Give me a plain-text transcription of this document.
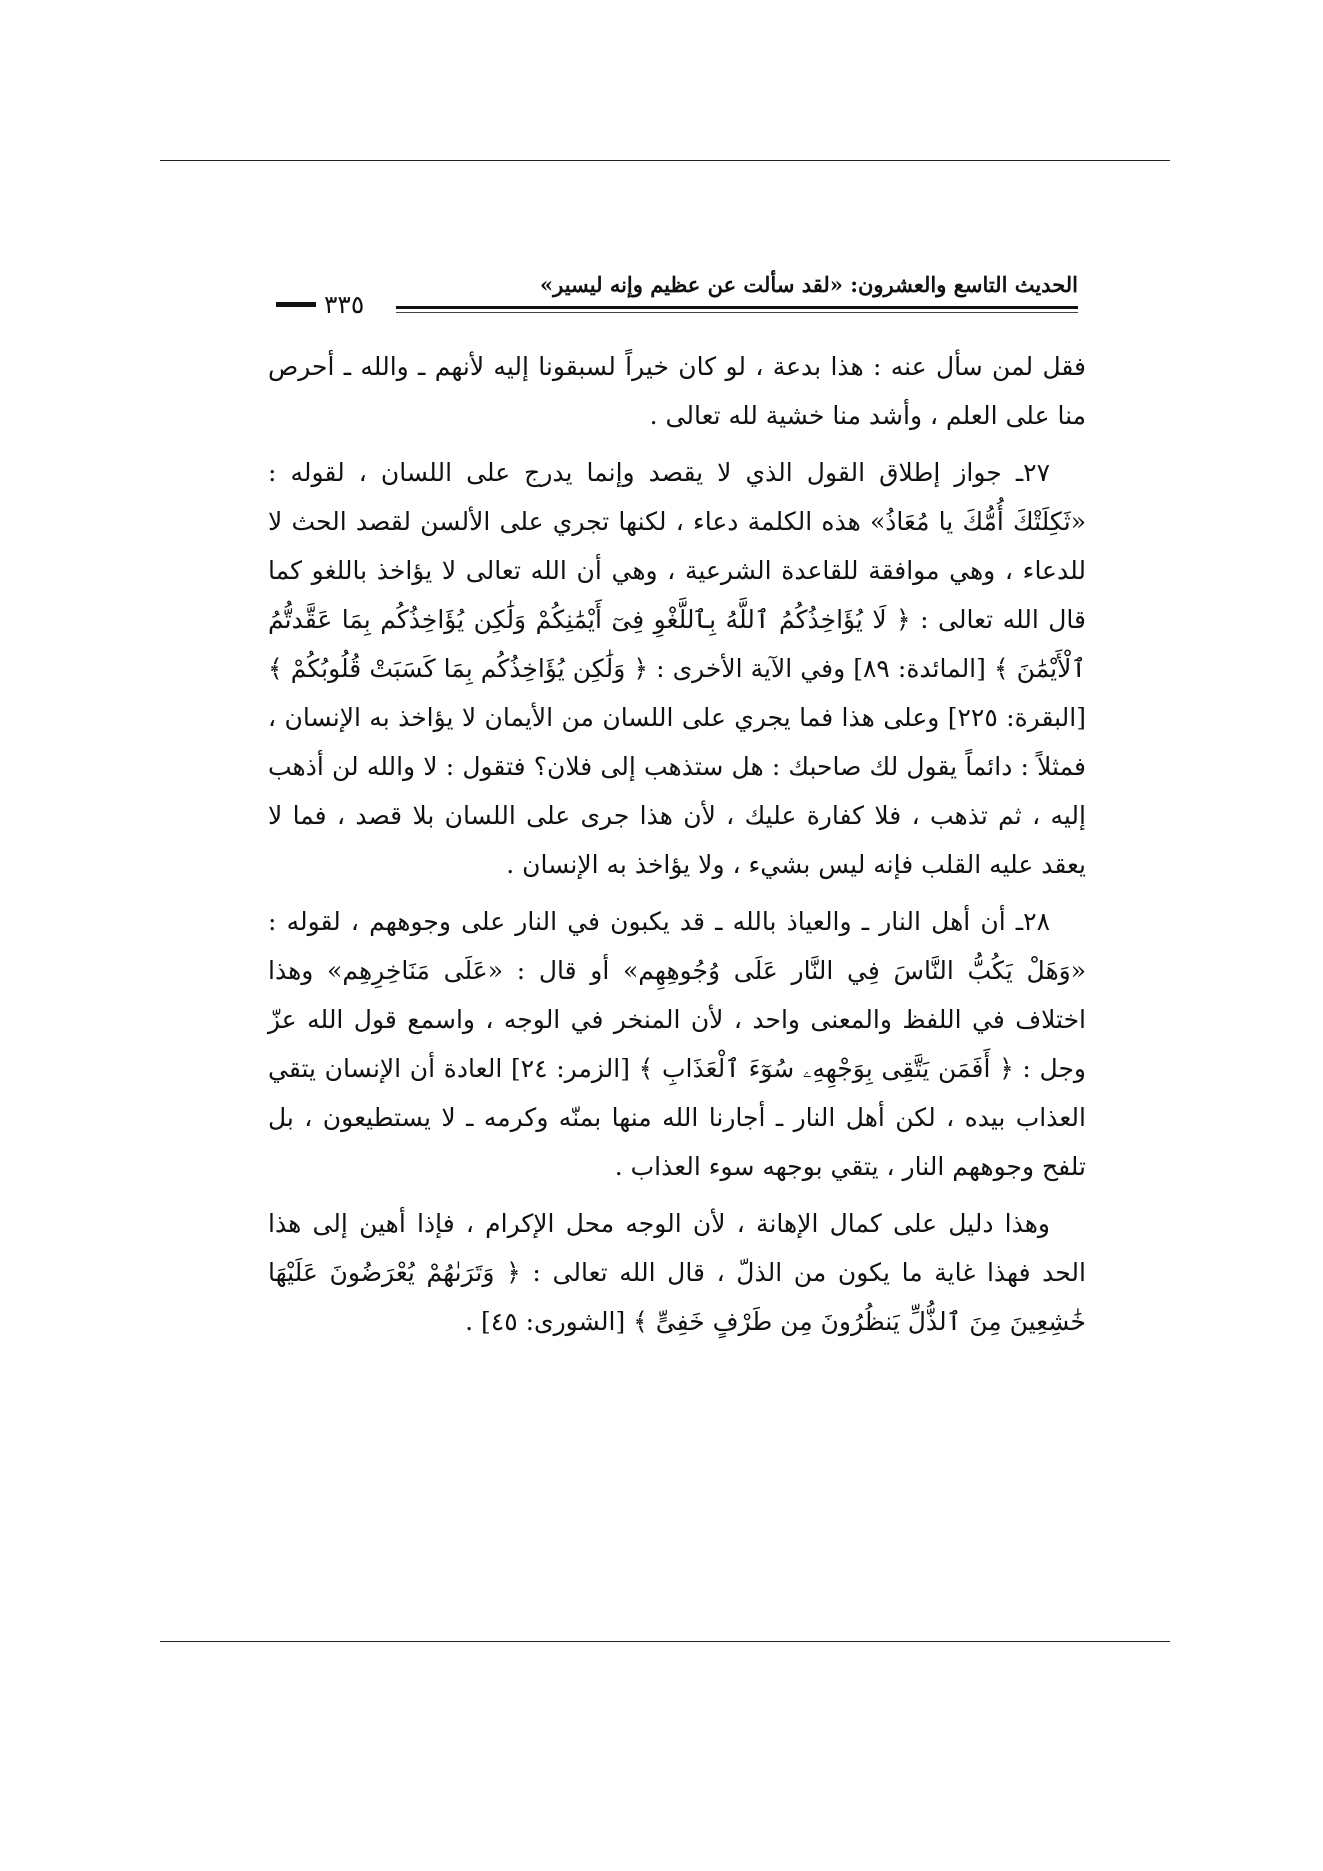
الحديث التاسع والعشرون: «لقد سألت عن عظيم وإنه ليسير»
٣٣٥

فقل لمن سأل عنه : هذا بدعة ، لو كان خيراً لسبقونا إليه لأنهم ـ والله ـ أحرص منا على العلم ، وأشد منا خشية لله تعالى .

٢٧ـ جواز إطلاق القول الذي لا يقصد وإنما يدرج على اللسان ، لقوله : «ثَكِلَتْكَ أُمُّكَ يا مُعَاذُ» هذه الكلمة دعاء ، لكنها تجري على الألسن لقصد الحث لا للدعاء ، وهي موافقة للقاعدة الشرعية ، وهي أن الله تعالى لا يؤاخذ باللغو كما قال الله تعالى : ﴿ لَا يُؤَاخِذُكُمُ ٱللَّهُ بِٱللَّغْوِ فِىٓ أَيْمَٰنِكُمْ وَلَٰكِن يُؤَاخِذُكُم بِمَا عَقَّدتُّمُ ٱلْأَيْمَٰنَ ﴾ [المائدة: ٨٩] وفي الآية الأخرى : ﴿ وَلَٰكِن يُؤَاخِذُكُم بِمَا كَسَبَتْ قُلُوبُكُمْ ﴾ [البقرة: ٢٢٥] وعلى هذا فما يجري على اللسان من الأيمان لا يؤاخذ به الإنسان ، فمثلاً : دائماً يقول لك صاحبك : هل ستذهب إلى فلان؟ فتقول : لا والله لن أذهب إليه ، ثم تذهب ، فلا كفارة عليك ، لأن هذا جرى على اللسان بلا قصد ، فما لا يعقد عليه القلب فإنه ليس بشيء ، ولا يؤاخذ به الإنسان .

٢٨ـ أن أهل النار ـ والعياذ بالله ـ قد يكبون في النار على وجوههم ، لقوله : «وَهَلْ يَكُبُّ النَّاسَ فِي النَّار عَلَى وُجُوهِهِم» أو قال : «عَلَى مَنَاخِرِهِم» وهذا اختلاف في اللفظ والمعنى واحد ، لأن المنخر في الوجه ، واسمع قول الله عزّ وجل : ﴿ أَفَمَن يَتَّقِى بِوَجْهِهِۦ سُوٓءَ ٱلْعَذَابِ ﴾ [الزمر: ٢٤] العادة أن الإنسان يتقي العذاب بيده ، لكن أهل النار ـ أجارنا الله منها بمنّه وكرمه ـ لا يستطيعون ، بل تلفح وجوههم النار ، يتقي بوجهه سوء العذاب .

وهذا دليل على كمال الإهانة ، لأن الوجه محل الإكرام ، فإذا أهين إلى هذا الحد فهذا غاية ما يكون من الذلّ ، قال الله تعالى : ﴿ وَتَرَىٰهُمْ يُعْرَضُونَ عَلَيْهَا خَٰشِعِينَ مِنَ ٱلذُّلِّ يَنظُرُونَ مِن طَرْفٍ خَفِىٍّ ﴾ [الشورى: ٤٥] .
